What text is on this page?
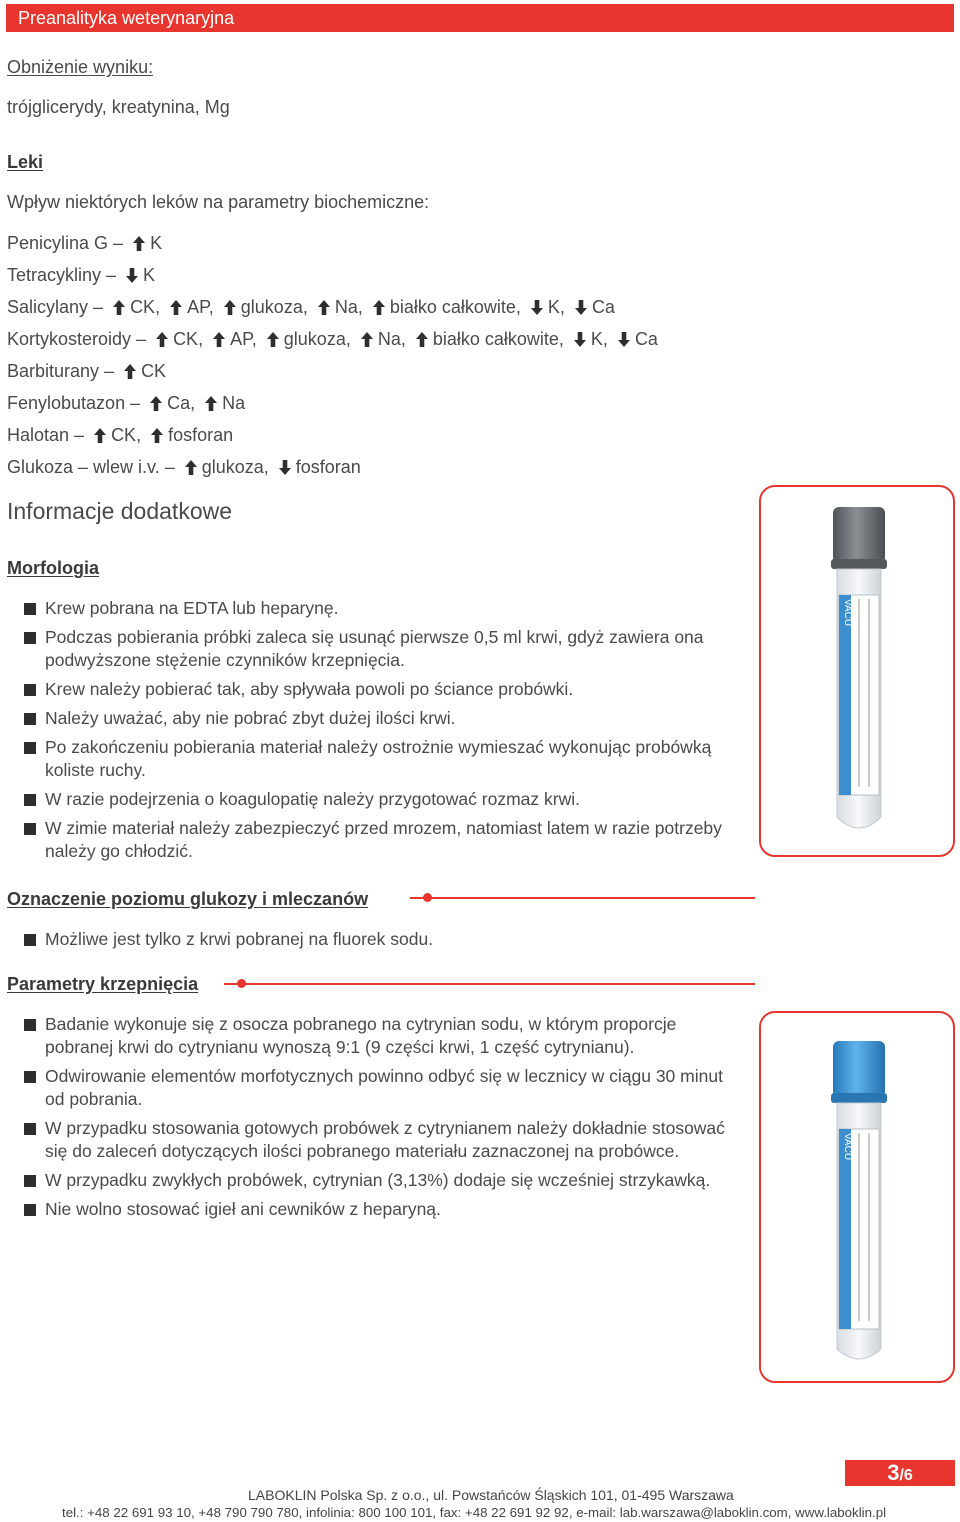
Preanalityka weterynaryjna
Obniżenie wyniku:
trójglicerydy, kreatynina, Mg
Leki
Wpływ niektórych leków na parametry biochemiczne:
Informacje dodatkowe
Morfologia
Krew pobrana na EDTA lub heparynę.
Podczas pobierania próbki zaleca się usunąć pierwsze 0,5 ml krwi, gdyż zawiera ona podwyższone stężenie czynników krzepnięcia.
Krew należy pobierać tak, aby spływała powoli po ściance probówki.
Należy uważać, aby nie pobrać zbyt dużej ilości krwi.
Po zakończeniu pobierania materiał należy ostrożnie wymieszać wykonując probówką koliste ruchy.
W razie podejrzenia o koagulopatię należy przygotować rozmaz krwi.
W zimie materiał należy zabezpieczyć przed mrozem, natomiast latem w razie potrzeby należy go chłodzić.
Oznaczenie poziomu glukozy i mleczanów
Możliwe jest tylko z krwi pobranej na fluorek sodu.
Parametry krzepnięcia
Badanie wykonuje się z osocza pobranego na cytrynian sodu, w którym proporcje pobranej krwi do cytrynianu wynoszą 9:1 (9 części krwi, 1 część cytrynianu).
Odwirowanie elementów morfotycznych powinno odbyć się w lecznicy w ciągu 30 minut od pobrania.
W przypadku stosowania gotowych probówek z cytrynianem należy dokładnie stosować się do zaleceń dotyczących ilości pobranego materiału zaznaczonej na probówce.
W przypadku zwykłych probówek, cytrynian (3,13%) dodaje się wcześniej strzykawką.
Nie wolno stosować igieł ani cewników z heparyną.
VACU
VACU
3/6
LABOKLIN Polska Sp. z o.o., ul. Powstańców Śląskich 101, 01-495 Warszawa
tel.: +48 22 691 93 10, +48 790 790 780, infolinia: 800 100 101, fax: +48 22 691 92 92, e-mail: lab.warszawa@laboklin.com, www.laboklin.pl
Penicylina G –
K
Tetracykliny –
K
Salicylany –
CK,
AP,
glukoza,
Na,
białko całkowite,
K,
Ca
Kortykosteroidy –
CK,
AP,
glukoza,
Na,
białko całkowite,
K,
Ca
Barbiturany –
CK
Fenylobutazon –
Ca,
Na
Halotan –
CK,
fosforan
Glukoza – wlew i.v. –
glukoza,
fosforan
